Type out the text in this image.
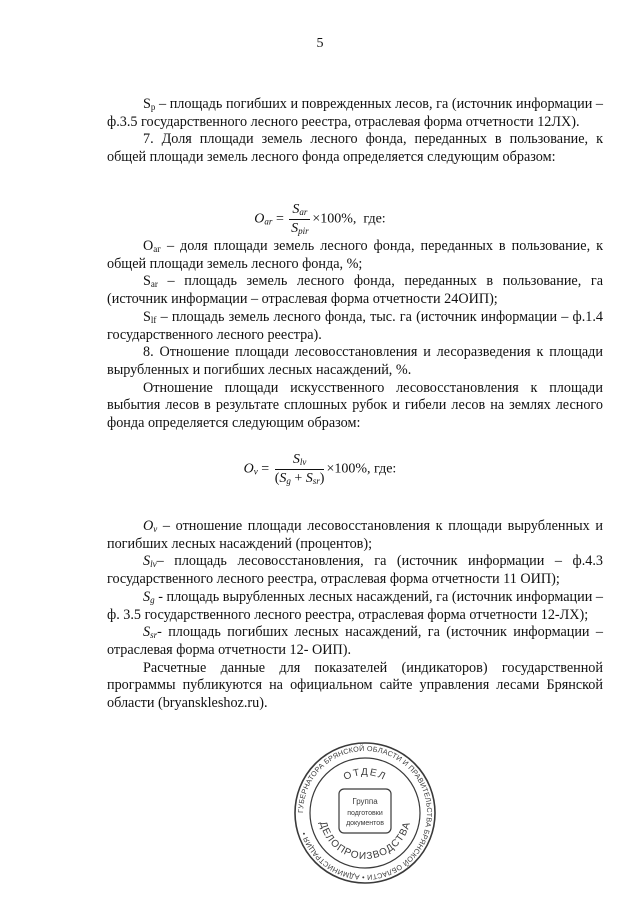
5

$S_р$ – площадь погибших и поврежденных лесов, га (источник информации – ф.3.5 государственного лесного реестра, отраслевая форма отчетности 12ЛХ).

7. Доля площади земель лесного фонда, переданных в пользование, к общей площади земель лесного фонда определяется следующим образом:

$O_{ar} = \frac{S_{ar}}{S_{pir}} \times 100\%$, где:

$О_{аг}$ – доля площади земель лесного фонда, переданных в пользование, к общей площади земель лесного фонда, %;

$S_{ar}$ – площадь земель лесного фонда, переданных в пользование, га (источник информации – отраслевая форма отчетности 24ОИП);

$S_{lf}$ – площадь земель лесного фонда, тыс. га (источник информации – ф.1.4 государственного лесного реестра).

8. Отношение площади лесовосстановления и лесоразведения к площади вырубленных и погибших лесных насаждений, %.

Отношение площади искусственного лесовосстановления к площади выбытия лесов в результате сплошных рубок и гибели лесов на землях лесного фонда определяется следующим образом:

$O_v = \frac{S_{lv}}{(S_g + S_{sr})} \times 100\%$, где:

$O_v$ – отношение площади лесовосстановления к площади вырубленных и погибших лесных насаждений (процентов);

$S_{lv}-$ площадь лесовосстановления, га (источник информации – ф.4.3 государственного лесного реестра, отраслевая форма отчетности 11 ОИП);

$S_g$ - площадь вырубленных лесных насаждений, га (источник информации – ф. 3.5 государственного лесного реестра, отраслевая форма отчетности 12-ЛХ);

$S_{sr}-$ площадь погибших лесных насаждений, га (источник информации – отраслевая форма отчетности 12- ОИП).

Расчетные данные для показателей (индикаторов) государственной программы публикуются на официальном сайте управления лесами Брянской области (bryanskleshoz.ru).

ГУБЕРНАТОРА БРЯНСКОЙ ОБЛАСТИ И ПРАВИТЕЛЬСТВА БРЯНСКОЙ ОБЛАСТИ • АДМИНИСТРАЦИЯ •
ОТДЕЛ
ДЕЛОПРОИЗВОДСТВА
Группа
подготовки
документов
